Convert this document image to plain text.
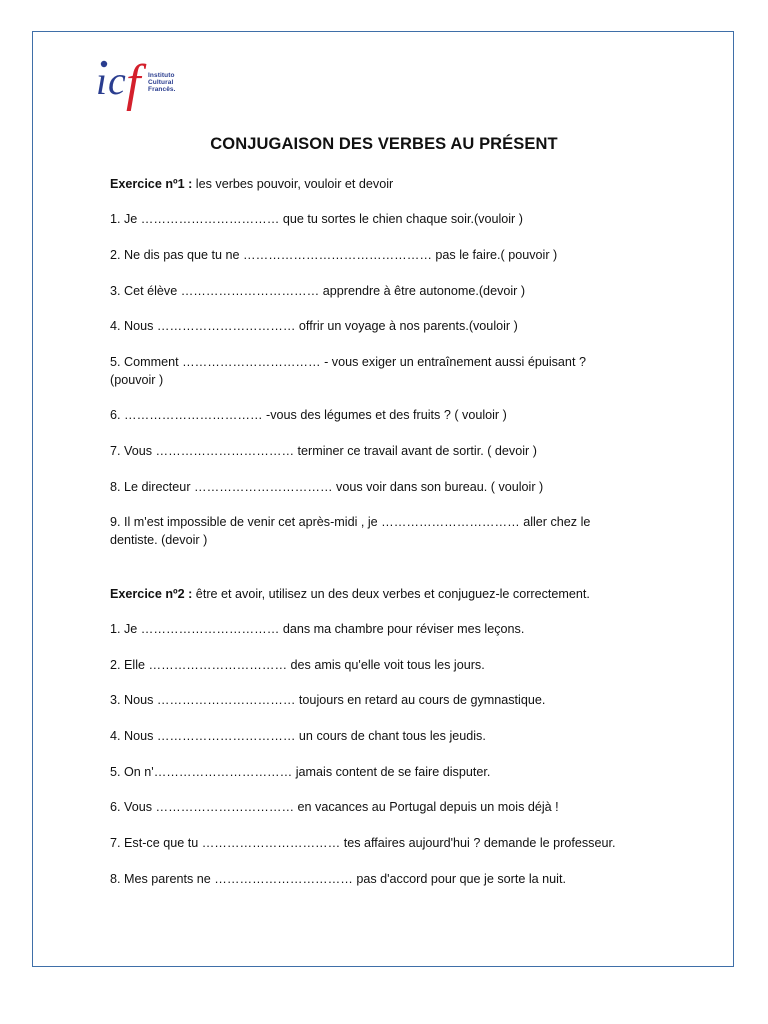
ı c f	Instituto
Cultural
Francês.
CONJUGAISON DES VERBES AU PRÉSENT
Exercice nº1 : les verbes pouvoir, vouloir et devoir
1. Je …………………………… que tu sortes le chien chaque soir.(vouloir )
2. Ne dis pas que tu ne ……………………………………… pas le faire.( pouvoir )
3. Cet élève …………………………… apprendre à être autonome.(devoir )
4. Nous …………………………… offrir un voyage à nos parents.(vouloir )
5. Comment …………………………… - vous exiger un entraînement aussi épuisant ?
(pouvoir )
6. …………………………… -vous des légumes et des fruits ? ( vouloir )
7. Vous …………………………… terminer ce travail avant de sortir. ( devoir )
8. Le directeur …………………………… vous voir dans son bureau. ( vouloir )
9. Il m'est impossible de venir cet après-midi , je …………………………… aller chez le
dentiste. (devoir )
Exercice nº2 : être et avoir, utilisez un des deux verbes et conjuguez-le correctement.
1. Je …………………………… dans ma chambre pour réviser mes leçons.
2. Elle …………………………… des amis qu'elle voit tous les jours.
3. Nous …………………………… toujours en retard au cours de gymnastique.
4. Nous …………………………… un cours de chant tous les jeudis.
5. On n'…………………………… jamais content de se faire disputer.
6. Vous …………………………… en vacances au Portugal depuis un mois déjà !
7. Est-ce que tu …………………………… tes affaires aujourd'hui ? demande le professeur.
8. Mes parents ne …………………………… pas d'accord pour que je sorte la nuit.
